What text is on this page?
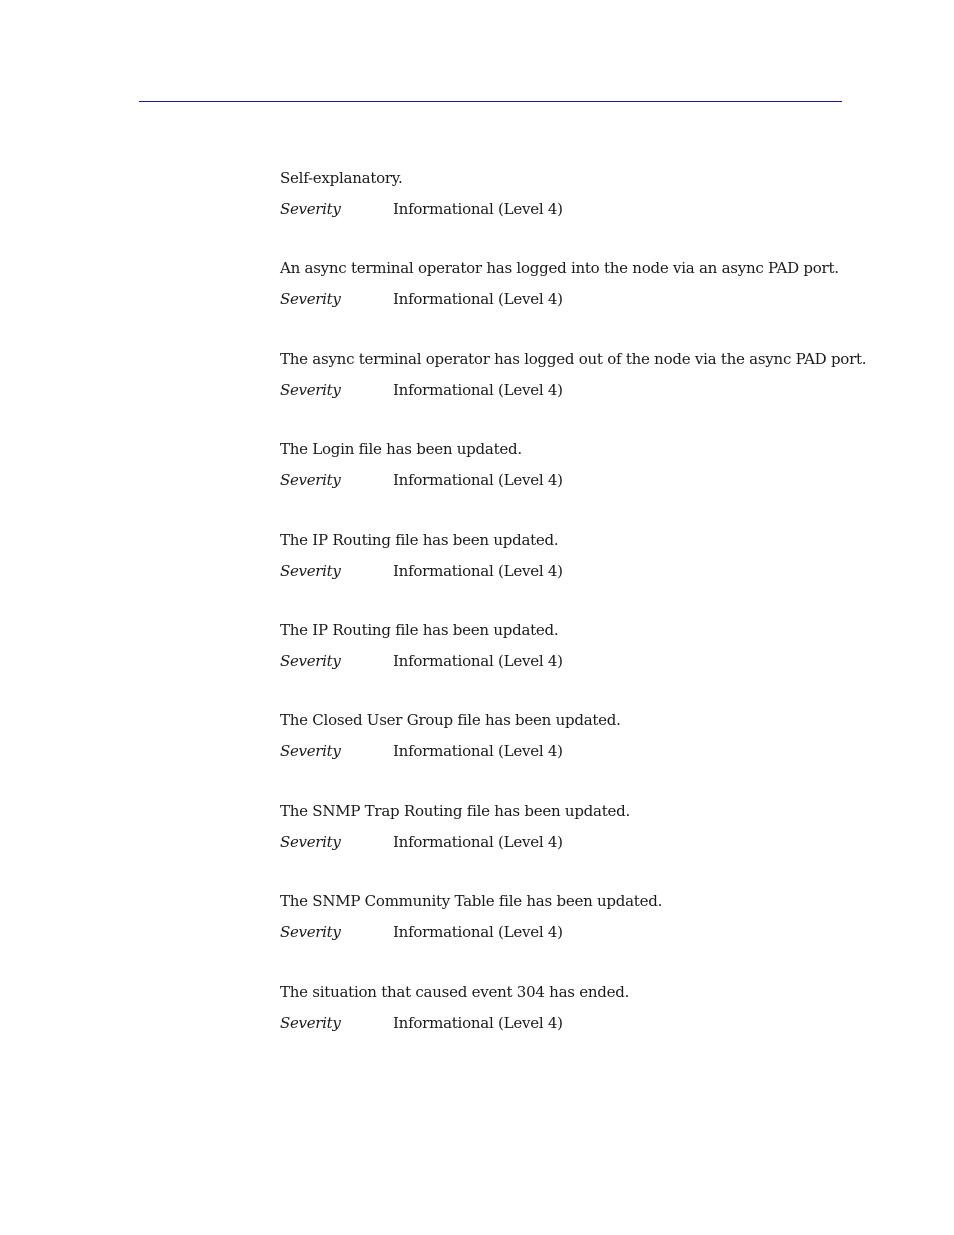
Self-explanatory.
Severity	Informational (Level 4)
An async terminal operator has logged into the node via an async PAD port.
Severity	Informational (Level 4)
The async terminal operator has logged out of the node via the async PAD port.
Severity	Informational (Level 4)
The Login file has been updated.
Severity	Informational (Level 4)
The IP Routing file has been updated.
Severity	Informational (Level 4)
The IP Routing file has been updated.
Severity	Informational (Level 4)
The Closed User Group file has been updated.
Severity	Informational (Level 4)
The SNMP Trap Routing file has been updated.
Severity	Informational (Level 4)
The SNMP Community Table file has been updated.
Severity	Informational (Level 4)
The situation that caused event 304 has ended.
Severity	Informational (Level 4)
